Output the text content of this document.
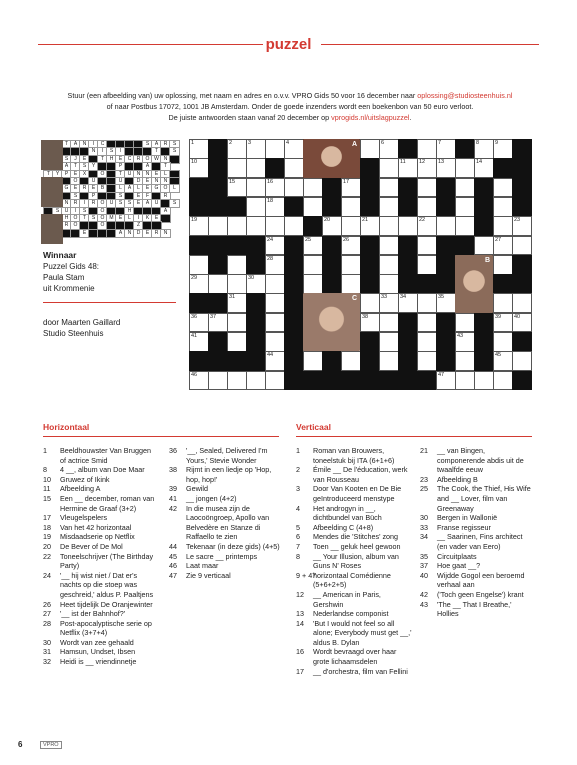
puzzel
Stuur (een afbeelding van) uw oplossing, met naam en adres en o.v.v. VPRO Gids 50 voor 16 december naar oplossing@studiosteenhuis.nl
of naar Postbus 17072, 1001 JB Amsterdam. Onder de goede inzenders wordt een boekenbon van 50 euro verloot.
De juiste antwoorden staan vanaf 20 december op vprogids.nl/uitslagpuzzel.
T	A	N	I	C	S	A	R	S
N	I	S	I	T	S
S	J	E	T	H	E	C	R	O W N
A	T	S	Y	P	A	T
T	Y	P	E	X	O	T	U	N	N	E	L
O	U	U	D	E	N	N
G	E	R	E	B	L	A	L	E	G	O	L
S	P	S	E	F	R
N	R	I	R	O	U	S	S	E	A	U	S
S	U	I	S	O	H	A
H	O	T	S	O M	E	L	I	K	E
R	O	O	Z
E	A	N	D	E	R	N
Winnaar
Puzzel Gids 48:
Paula Stam
uit Krommenie
door Maarten Gaillard
Studio Steenhuis
1	2	3	4	6	7	8	9
10	11 12 13	14
15	16	17
18
19	20	21	22	23
24	25	26	27
28
29	30
31	33 34	35
36 37	38	39 40
41	43
44	45
46	47
A
B
C
Horizontaal	Verticaal
1 Beeldhouwster Van Bruggen of actrice Smid
8 4 __, album van Doe Maar
10 Gruwez of Ikink
11 Afbeelding A
15 Een __ december, roman van Hermine de Graaf (3+2)
17 Vleugelspelers
18 Van het 42 horizontaal
19 Misdaadserie op Netflix
20 De Bever of De Mol
22 Toneelschrijver (The Birthday Party)
24 '__ hij wist niet / Dat er's nachts op die stoep was geschreid,' aldus P. Paaltjens
26 Heet tijdelijk De Oranjewinter
27 '__ ist der Bahnhof?'
28 Post-apocalyptische serie op Netflix (3+7+4)
30 Wordt van zee gehaald
31 Hamsun, Undset, Ibsen
32 Heidi is __ vriendinnetje
36 '__, Sealed, Delivered I'm Yours,' Stevie Wonder
38 Rijmt in een liedje op 'Hop, hop, hop!'
39 Gewild
41 __ jongen (4+2)
42 In die musea zijn de Laocoöngroep, Apollo van Belvedère en Stanze di Raffaello te zien
44 Tekenaar (in deze gids) (4+5)
45 Le sacre __ printemps
46 Laat maar
47 Zie 9 verticaal
1 Roman van Brouwers, toneelstuk bij ITA (6+1+6)
2 Émile __ De l'éducation, werk van Rousseau
3 Door Van Kooten en De Bie geïntroduceerd menstype
4 Het androgyn in __, dichtbundel van Büch
5 Afbeelding C (4+8)
6 Mendes die 'Stitches' zong
7 Toen __ geluk heel gewoon
8 __ Your Illusion, album van Guns N' Roses
9 + 47
horizontaal Comédienne (5+6+2+5)
12 __ American in Paris, Gershwin
13 Nederlandse componist
14 'But I would not feel so all alone; Everybody must get __,' aldus B. Dylan
16 Wordt bevraagd over haar grote lichaamsdelen
17 __ d'orchestra, film van Fellini
21 __ van Bingen, componerende abdis uit de twaalfde eeuw
23 Afbeelding B
25 The Cook, the Thief, His Wife and __ Lover, film van Greenaway
30 Bergen in Wallonië
33 Franse regisseur
34 __ Saarinen, Fins architect (en vader van Eero)
35 Circuitplaats
37 Hoe gaat __?
40 Wijdde Gogol een beroemd verhaal aan
42 ('Toch geen Engelse') krant
43 'The __ That I Breathe,' Hollies
6	VPRO
